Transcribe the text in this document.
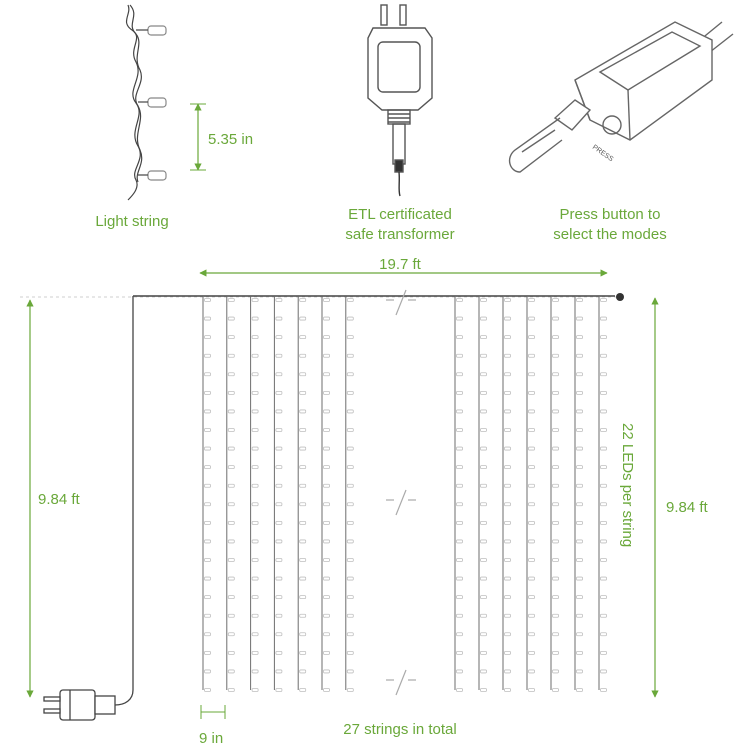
PRESS
Light string
5.35 in
ETL certificated
safe transformer
Press button to
select the modes
19.7 ft
9.84 ft	9.84 ft
22 LEDs per string
9 in
27 strings in total
